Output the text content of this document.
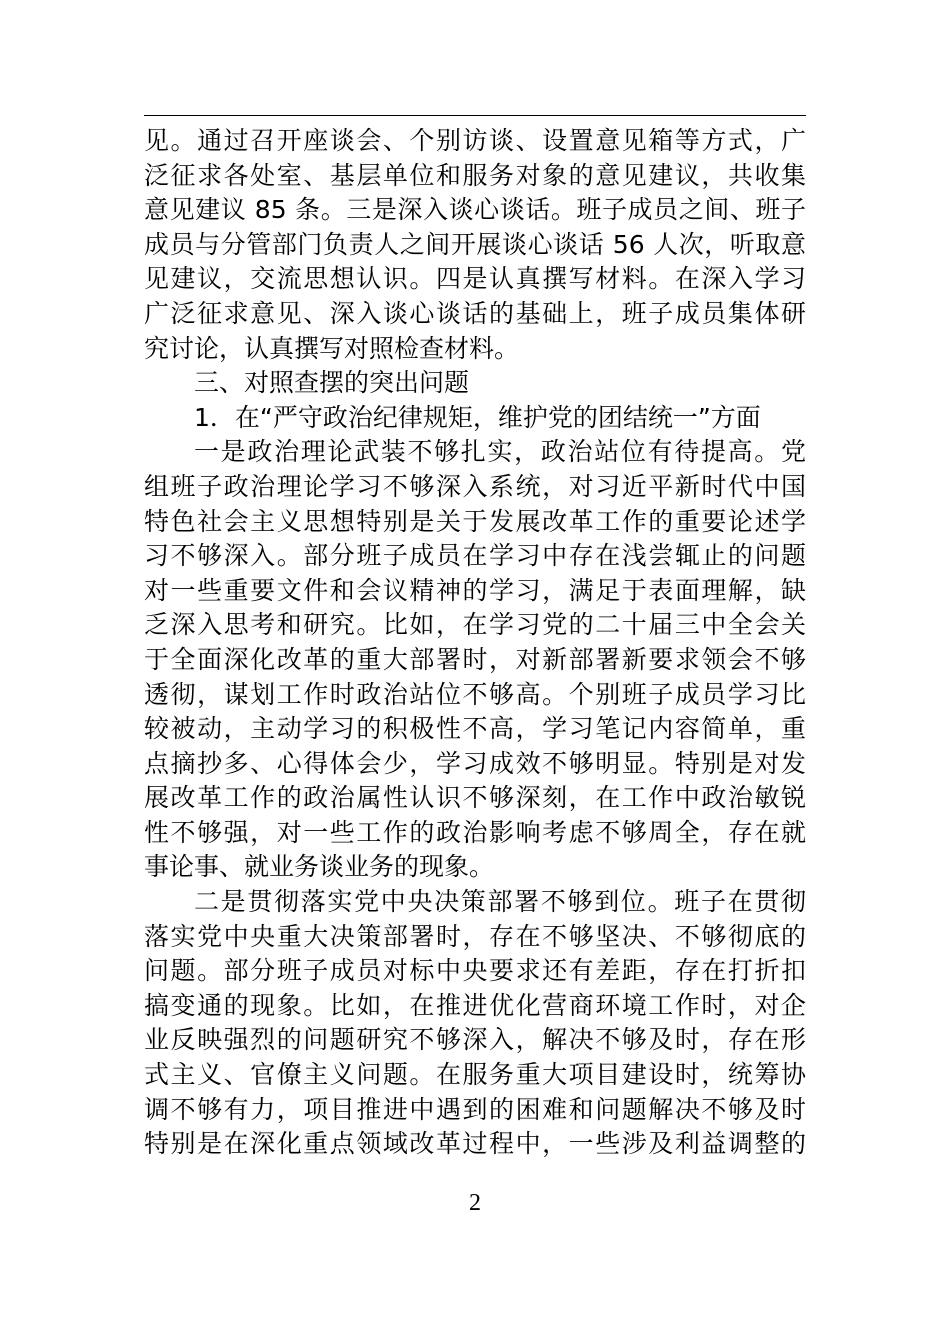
见。通过召开座谈会、个别访谈、设置意见箱等方式，广
泛征求各处室、基层单位和服务对象的意见建议，共收集
意见建议 85 条。三是深入谈心谈话。班子成员之间、班子
成员与分管部门负责人之间开展谈心谈话 56 人次，听取意
见建议，交流思想认识。四是认真撰写材料。在深入学习
广泛征求意见、深入谈心谈话的基础上，班子成员集体研
究讨论，认真撰写对照检查材料。
三、对照查摆的突出问题
1．在“严守政治纪律规矩，维护党的团结统一”方面
一是政治理论武装不够扎实，政治站位有待提高。党
组班子政治理论学习不够深入系统，对习近平新时代中国
特色社会主义思想特别是关于发展改革工作的重要论述学
习不够深入。部分班子成员在学习中存在浅尝辄止的问题
对一些重要文件和会议精神的学习，满足于表面理解，缺
乏深入思考和研究。比如，在学习党的二十届三中全会关
于全面深化改革的重大部署时，对新部署新要求领会不够
透彻，谋划工作时政治站位不够高。个别班子成员学习比
较被动，主动学习的积极性不高，学习笔记内容简单，重
点摘抄多、心得体会少，学习成效不够明显。特别是对发
展改革工作的政治属性认识不够深刻，在工作中政治敏锐
性不够强，对一些工作的政治影响考虑不够周全，存在就
事论事、就业务谈业务的现象。
二是贯彻落实党中央决策部署不够到位。班子在贯彻
落实党中央重大决策部署时，存在不够坚决、不够彻底的
问题。部分班子成员对标中央要求还有差距，存在打折扣
搞变通的现象。比如，在推进优化营商环境工作时，对企
业反映强烈的问题研究不够深入，解决不够及时，存在形
式主义、官僚主义问题。在服务重大项目建设时，统筹协
调不够有力，项目推进中遇到的困难和问题解决不够及时
特别是在深化重点领域改革过程中，一些涉及利益调整的
2
